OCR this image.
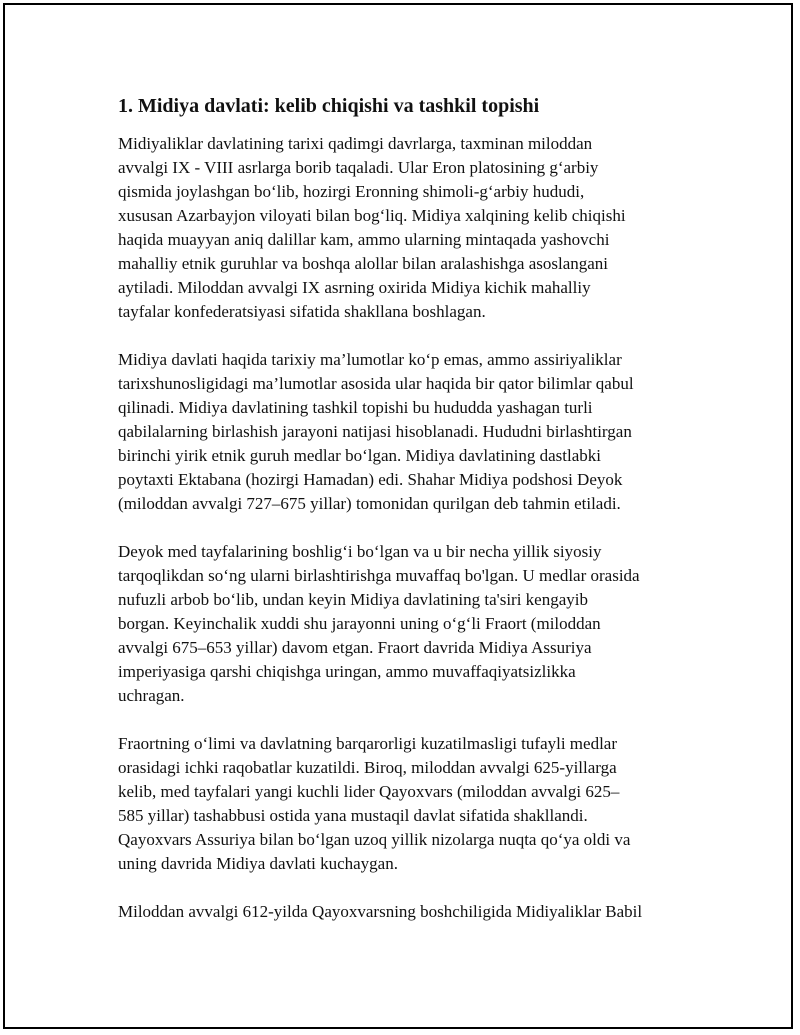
1. Midiya davlati: kelib chiqishi va tashkil topishi

Midiyaliklar davlatining tarixi qadimgi davrlarga, taxminan miloddan
avvalgi IX - VIII asrlarga borib taqaladi. Ular Eron platosining g‘arbiy
qismida joylashgan bo‘lib, hozirgi Eronning shimoli-g‘arbiy hududi,
xususan Azarbayjon viloyati bilan bog‘liq. Midiya xalqining kelib chiqishi
haqida muayyan aniq dalillar kam, ammo ularning mintaqada yashovchi
mahalliy etnik guruhlar va boshqa alollar bilan aralashishga asoslangani
aytiladi. Miloddan avvalgi IX asrning oxirida Midiya kichik mahalliy
tayfalar konfederatsiyasi sifatida shakllana boshlagan.

Midiya davlati haqida tarixiy ma’lumotlar ko‘p emas, ammo assiriyaliklar
tarixshunosligidagi ma’lumotlar asosida ular haqida bir qator bilimlar qabul
qilinadi. Midiya davlatining tashkil topishi bu hududda yashagan turli
qabilalarning birlashish jarayoni natijasi hisoblanadi. Hududni birlashtirgan
birinchi yirik etnik guruh medlar bo‘lgan. Midiya davlatining dastlabki
poytaxti Ektabana (hozirgi Hamadan) edi. Shahar Midiya podshosi Deyok
(miloddan avvalgi 727–675 yillar) tomonidan qurilgan deb tahmin etiladi.

Deyok med tayfalarining boshlig‘i bo‘lgan va u bir necha yillik siyosiy
tarqoqlikdan so‘ng ularni birlashtirishga muvaffaq bo'lgan. U medlar orasida
nufuzli arbob bo‘lib, undan keyin Midiya davlatining ta'siri kengayib
borgan. Keyinchalik xuddi shu jarayonni uning o‘g‘li Fraort (miloddan
avvalgi 675–653 yillar) davom etgan. Fraort davrida Midiya Assuriya
imperiyasiga qarshi chiqishga uringan, ammo muvaffaqiyatsizlikka
uchragan.

Fraortning o‘limi va davlatning barqarorligi kuzatilmasligi tufayli medlar
orasidagi ichki raqobatlar kuzatildi. Biroq, miloddan avvalgi 625-yillarga
kelib, med tayfalari yangi kuchli lider Qayoxvars (miloddan avvalgi 625–
585 yillar) tashabbusi ostida yana mustaqil davlat sifatida shakllandi.
Qayoxvars Assuriya bilan bo‘lgan uzoq yillik nizolarga nuqta qo‘ya oldi va
uning davrida Midiya davlati kuchaygan.

Miloddan avvalgi 612-yilda Qayoxvarsning boshchiligida Midiyaliklar Babil
